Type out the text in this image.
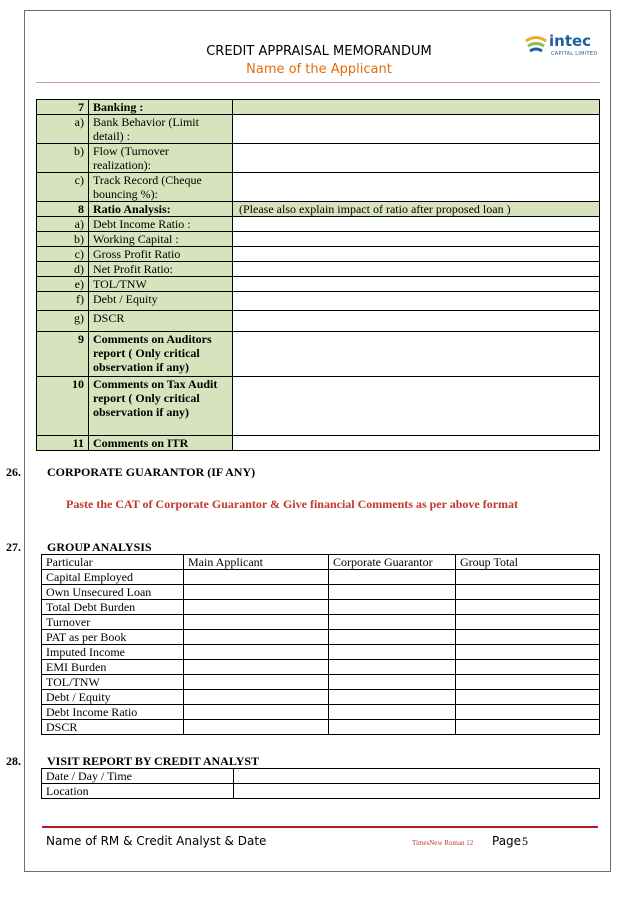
CREDIT APPRAISAL MEMORANDUM
Name of the Applicant
intec
CAPITAL LIMITED
7	Banking :	
a)	Bank Behavior (Limit detail) :	
b)	Flow (Turnover realization):	
c)	Track Record (Cheque bouncing %):	
8	Ratio Analysis:	(Please also explain impact of ratio after proposed loan )
a)	Debt Income Ratio :	
b)	Working Capital :	
c)	Gross Profit Ratio	
d)	Net Profit Ratio:	
e)	TOL/TNW	
f)	Debt / Equity	
g)	DSCR	
9	Comments on Auditors report ( Only critical observation if any)	
10	Comments on Tax Audit report ( Only critical observation if any)	
11	Comments on ITR	
26. CORPORATE GUARANTOR (IF ANY)
Paste the CAT of Corporate Guarantor & Give financial Comments as per above format
27. GROUP ANALYSIS
Particular	Main Applicant	Corporate Guarantor	Group Total
Capital Employed			
Own Unsecured Loan			
Total Debt Burden			
Turnover			
PAT as per Book			
Imputed Income			
EMI Burden			
TOL/TNW			
Debt / Equity			
Debt Income Ratio			
DSCR			
28. VISIT REPORT BY CREDIT ANALYST
Date / Day / Time	
Location	
Name of RM & Credit Analyst & Date	TimesNew Roman 12 Page 5
